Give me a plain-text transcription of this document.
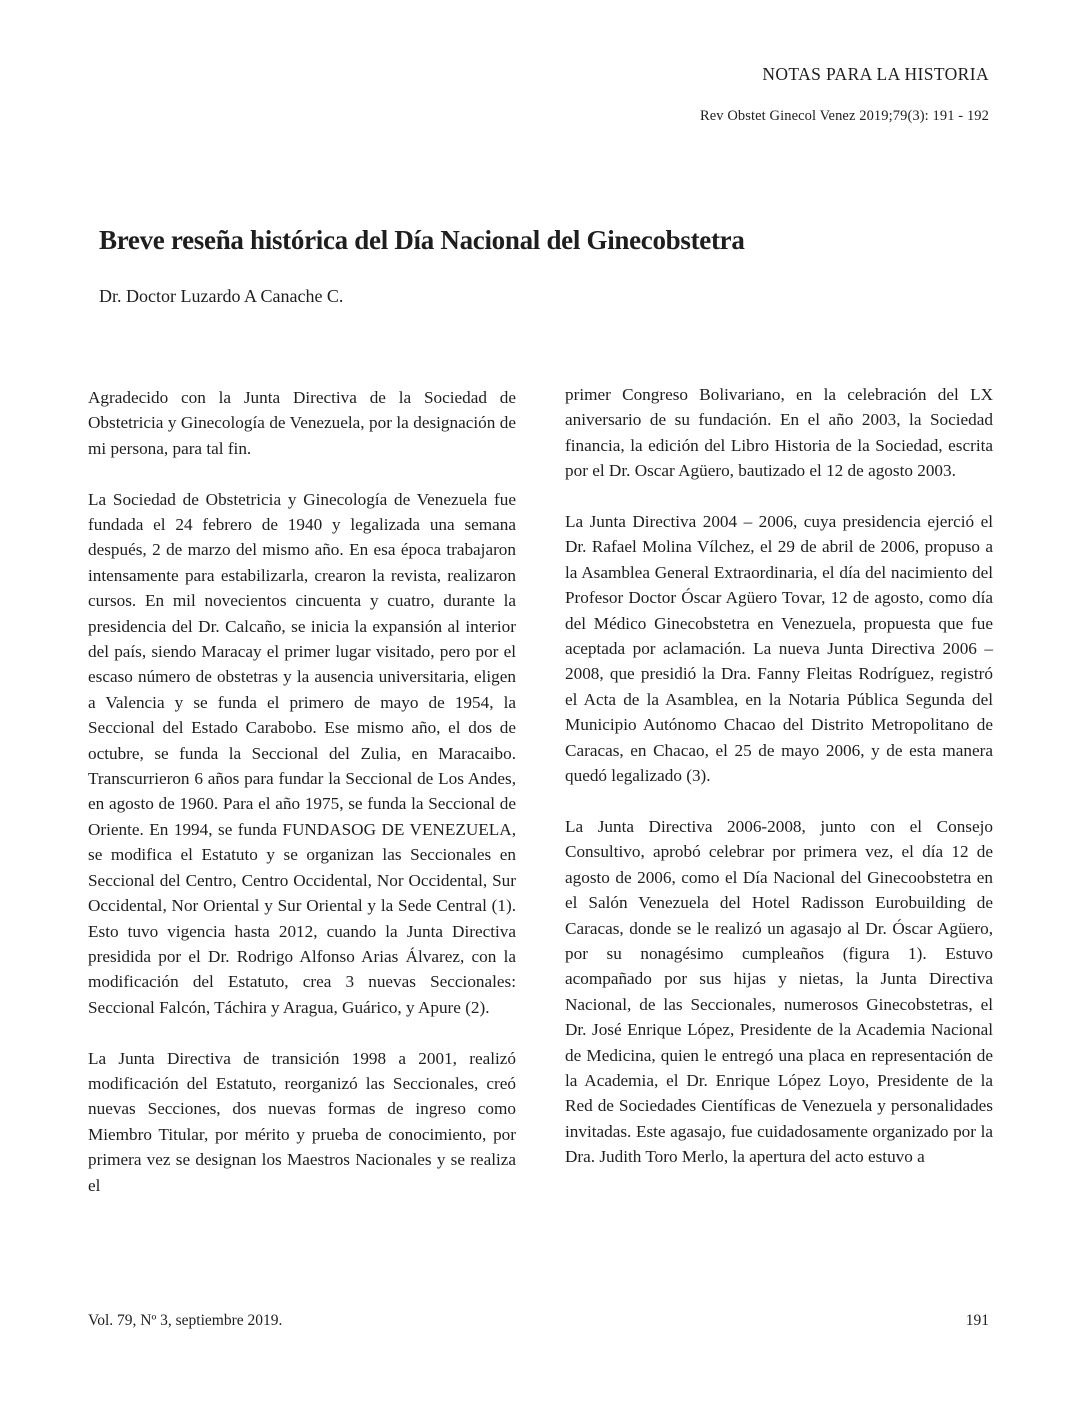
NOTAS PARA LA HISTORIA
Rev Obstet Ginecol Venez 2019;79(3): 191 - 192
Breve reseña histórica del Día Nacional del Ginecobstetra
Dr. Doctor Luzardo A Canache C.

Agradecido con la Junta Directiva de la Sociedad de Obstetricia y Ginecología de Venezuela, por la designación de mi persona, para tal fin.

La Sociedad de Obstetricia y Ginecología de Venezuela fue fundada el 24 febrero de 1940 y legalizada una semana después, 2 de marzo del mismo año. En esa época trabajaron intensamente para estabilizarla, crearon la revista, realizaron cursos. En mil novecientos cincuenta y cuatro, durante la presidencia del Dr. Calcaño, se inicia la expansión al interior del país, siendo Maracay el primer lugar visitado, pero por el escaso número de obstetras y la ausencia universitaria, eligen a Valencia y se funda el primero de mayo de 1954, la Seccional del Estado Carabobo. Ese mismo año, el dos de octubre, se funda la Seccional del Zulia, en Maracaibo. Transcurrieron 6 años para fundar la Seccional de Los Andes, en agosto de 1960. Para el año 1975, se funda la Seccional de Oriente. En 1994, se funda FUNDASOG DE VENEZUELA, se modifica el Estatuto y se organizan las Seccionales en Seccional del Centro, Centro Occidental, Nor Occidental, Sur Occidental, Nor Oriental y Sur Oriental y la Sede Central (1). Esto tuvo vigencia hasta 2012, cuando la Junta Directiva presidida por el Dr. Rodrigo Alfonso Arias Álvarez, con la modificación del Estatuto, crea 3 nuevas Seccionales: Seccional Falcón, Táchira y Aragua, Guárico, y Apure (2).

La Junta Directiva de transición 1998 a 2001, realizó modificación del Estatuto, reorganizó las Seccionales, creó nuevas Secciones, dos nuevas formas de ingreso como Miembro Titular, por mérito y prueba de conocimiento, por primera vez se designan los Maestros Nacionales y se realiza el

primer Congreso Bolivariano, en la celebración del LX aniversario de su fundación. En el año 2003, la Sociedad financia, la edición del Libro Historia de la Sociedad, escrita por el Dr. Oscar Agüero, bautizado el 12 de agosto 2003.

La Junta Directiva 2004 – 2006, cuya presidencia ejerció el Dr. Rafael Molina Vílchez, el 29 de abril de 2006, propuso a la Asamblea General Extraordinaria, el día del nacimiento del Profesor Doctor Óscar Agüero Tovar, 12 de agosto, como día del Médico Ginecobstetra en Venezuela, propuesta que fue aceptada por aclamación. La nueva Junta Directiva 2006 – 2008, que presidió la Dra. Fanny Fleitas Rodríguez, registró el Acta de la Asamblea, en la Notaria Pública Segunda del Municipio Autónomo Chacao del Distrito Metropolitano de Caracas, en Chacao, el 25 de mayo 2006, y de esta manera quedó legalizado (3).

La Junta Directiva 2006-2008, junto con el Consejo Consultivo, aprobó celebrar por primera vez, el día 12 de agosto de 2006, como el Día Nacional del Ginecoobstetra en el Salón Venezuela del Hotel Radisson Eurobuilding de Caracas, donde se le realizó un agasajo al Dr. Óscar Agüero, por su nonagésimo cumpleaños (figura 1). Estuvo acompañado por sus hijas y nietas, la Junta Directiva Nacional, de las Seccionales, numerosos Ginecobstetras, el Dr. José Enrique López, Presidente de la Academia Nacional de Medicina, quien le entregó una placa en representación de la Academia, el Dr. Enrique López Loyo, Presidente de la Red de Sociedades Científicas de Venezuela y personalidades invitadas. Este agasajo, fue cuidadosamente organizado por la Dra. Judith Toro Merlo, la apertura del acto estuvo a

Vol. 79, Nº 3, septiembre 2019.	191
